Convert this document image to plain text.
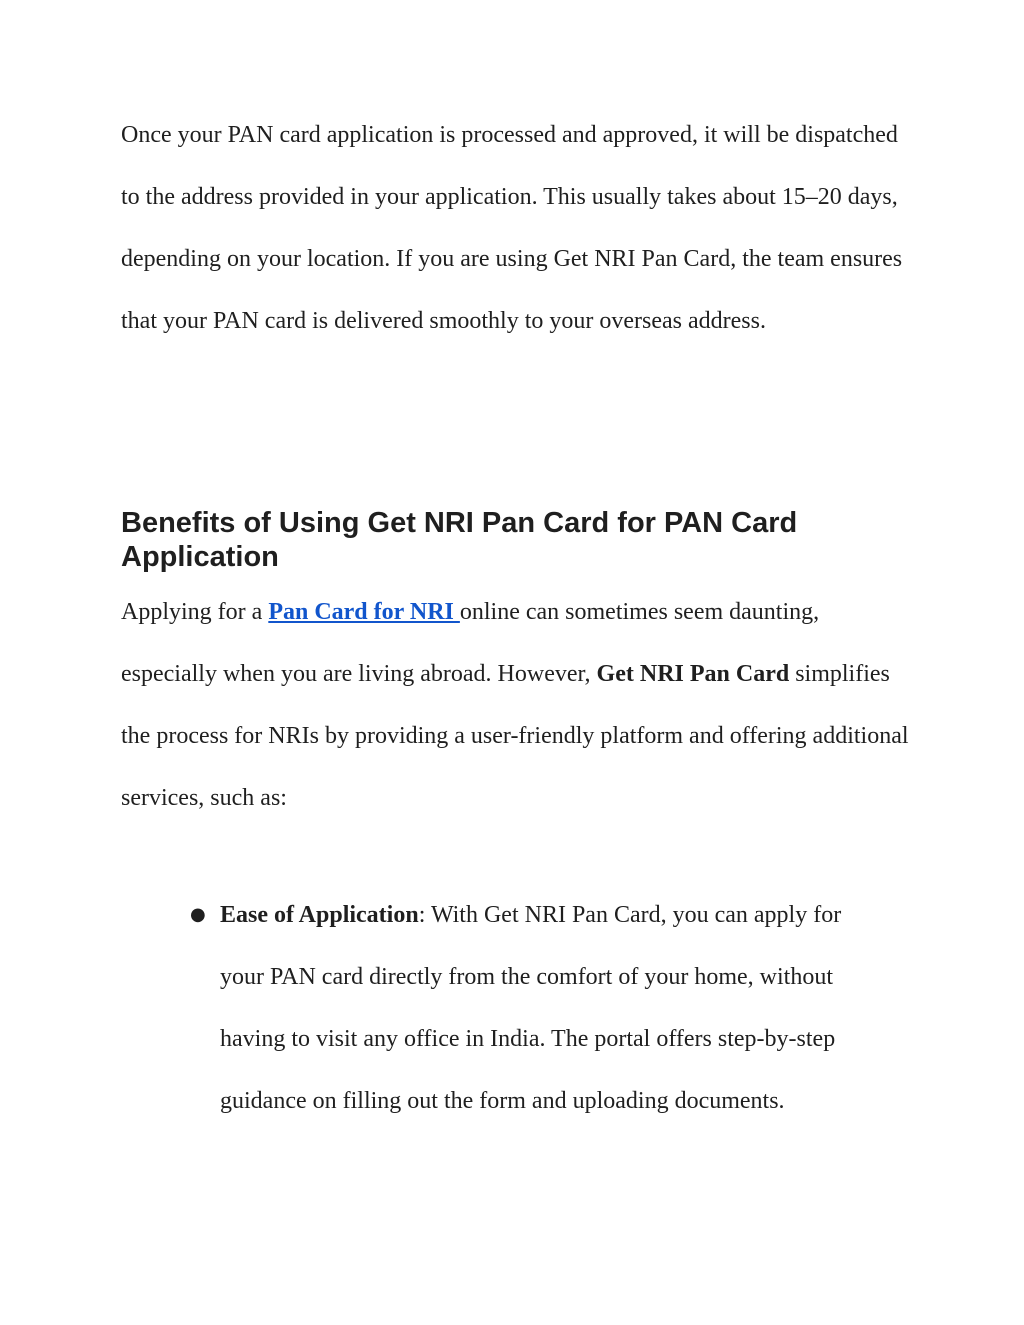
Once your PAN card application is processed and approved, it will be dispatched to the address provided in your application. This usually takes about 15–20 days, depending on your location. If you are using Get NRI Pan Card, the team ensures that your PAN card is delivered smoothly to your overseas address.

Benefits of Using Get NRI Pan Card for PAN Card Application

Applying for a Pan Card for NRI online can sometimes seem daunting, especially when you are living abroad. However, Get NRI Pan Card simplifies the process for NRIs by providing a user-friendly platform and offering additional services, such as:

● Ease of Application: With Get NRI Pan Card, you can apply for your PAN card directly from the comfort of your home, without having to visit any office in India. The portal offers step-by-step guidance on filling out the form and uploading documents.
